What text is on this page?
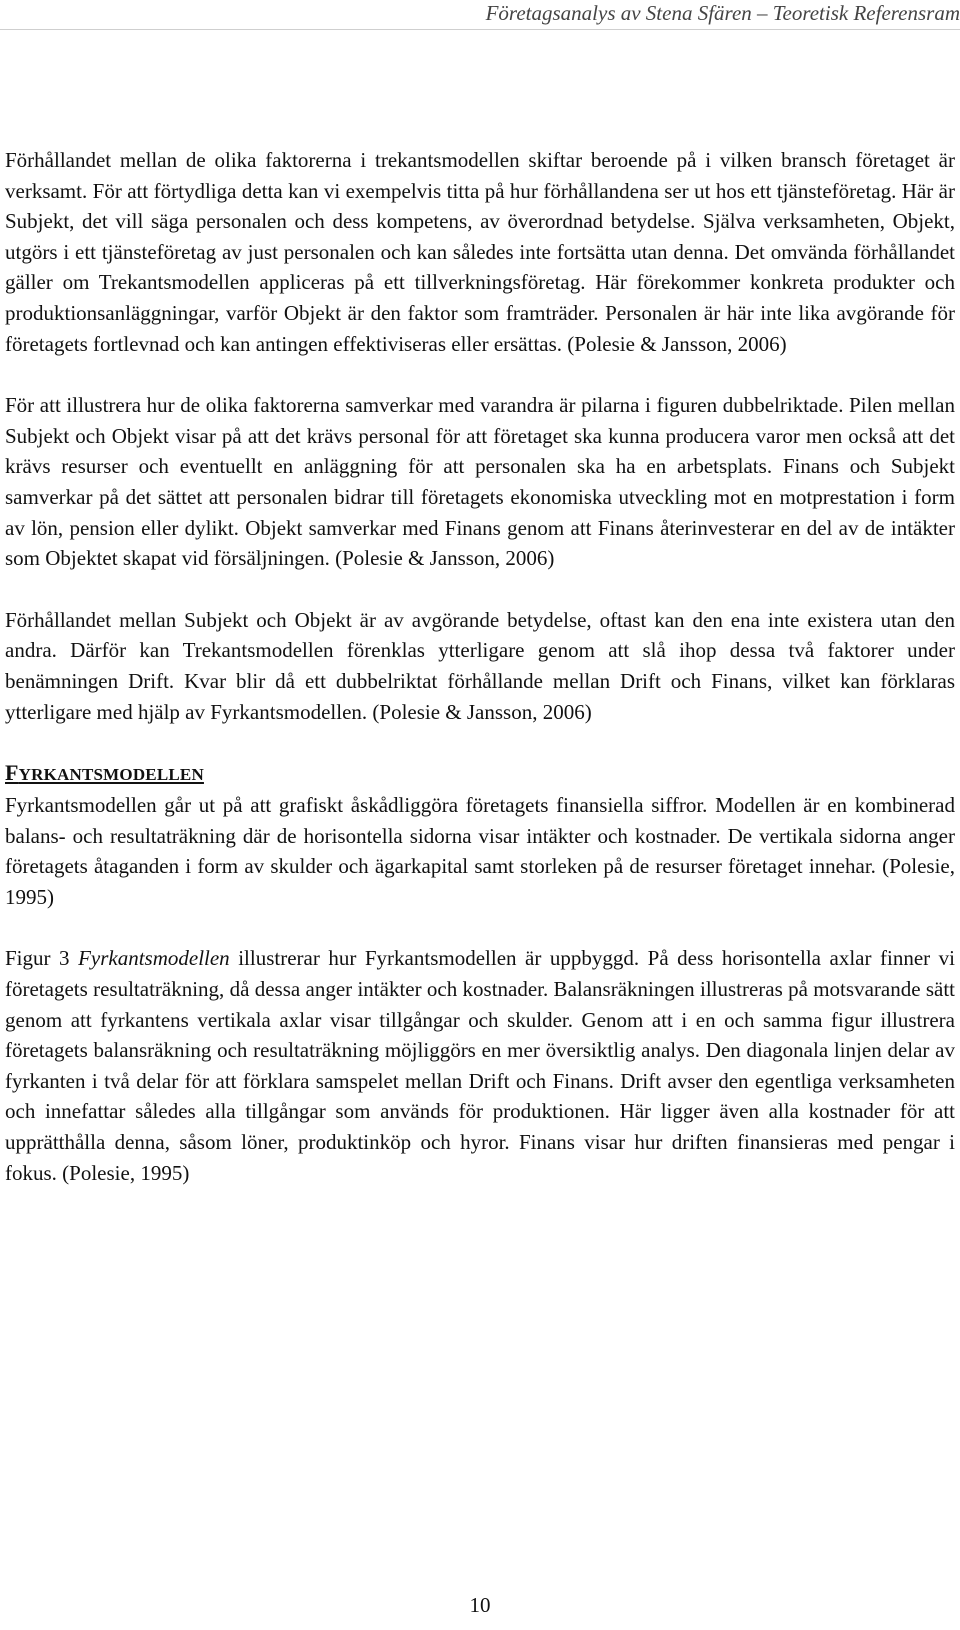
Företagsanalys av Stena Sfären – Teoretisk Referensram

Förhållandet mellan de olika faktorerna i trekantsmodellen skiftar beroende på i vilken bransch företaget är verksamt. För att förtydliga detta kan vi exempelvis titta på hur förhållandena ser ut hos ett tjänsteföretag. Här är Subjekt, det vill säga personalen och dess kompetens, av överordnad betydelse. Själva verksamheten, Objekt, utgörs i ett tjänsteföretag av just personalen och kan således inte fortsätta utan denna. Det omvända förhållandet gäller om Trekantsmodellen appliceras på ett tillverkningsföretag. Här förekommer konkreta produkter och produktionsanläggningar, varför Objekt är den faktor som framträder. Personalen är här inte lika avgörande för företagets fortlevnad och kan antingen effektiviseras eller ersättas. (Polesie & Jansson, 2006)

För att illustrera hur de olika faktorerna samverkar med varandra är pilarna i figuren dubbelriktade. Pilen mellan Subjekt och Objekt visar på att det krävs personal för att företaget ska kunna producera varor men också att det krävs resurser och eventuellt en anläggning för att personalen ska ha en arbetsplats. Finans och Subjekt samverkar på det sättet att personalen bidrar till företagets ekonomiska utveckling mot en motprestation i form av lön, pension eller dylikt. Objekt samverkar med Finans genom att Finans återinvesterar en del av de intäkter som Objektet skapat vid försäljningen. (Polesie & Jansson, 2006)

Förhållandet mellan Subjekt och Objekt är av avgörande betydelse, oftast kan den ena inte existera utan den andra. Därför kan Trekantsmodellen förenklas ytterligare genom att slå ihop dessa två faktorer under benämningen Drift. Kvar blir då ett dubbelriktat förhållande mellan Drift och Finans, vilket kan förklaras ytterligare med hjälp av Fyrkantsmodellen. (Polesie & Jansson, 2006)

FYRKANTSMODELLEN

Fyrkantsmodellen går ut på att grafiskt åskådliggöra företagets finansiella siffror. Modellen är en kombinerad balans- och resultaträkning där de horisontella sidorna visar intäkter och kostnader. De vertikala sidorna anger företagets åtaganden i form av skulder och ägarkapital samt storleken på de resurser företaget innehar. (Polesie, 1995)

Figur 3 Fyrkantsmodellen illustrerar hur Fyrkantsmodellen är uppbyggd. På dess horisontella axlar finner vi företagets resultaträkning, då dessa anger intäkter och kostnader. Balansräkningen illustreras på motsvarande sätt genom att fyrkantens vertikala axlar visar tillgångar och skulder. Genom att i en och samma figur illustrera företagets balansräkning och resultaträkning möjliggörs en mer översiktlig analys. Den diagonala linjen delar av fyrkanten i två delar för att förklara samspelet mellan Drift och Finans. Drift avser den egentliga verksamheten och innefattar således alla tillgångar som används för produktionen. Här ligger även alla kostnader för att upprätthålla denna, såsom löner, produktinköp och hyror. Finans visar hur driften finansieras med pengar i fokus. (Polesie, 1995)

10
